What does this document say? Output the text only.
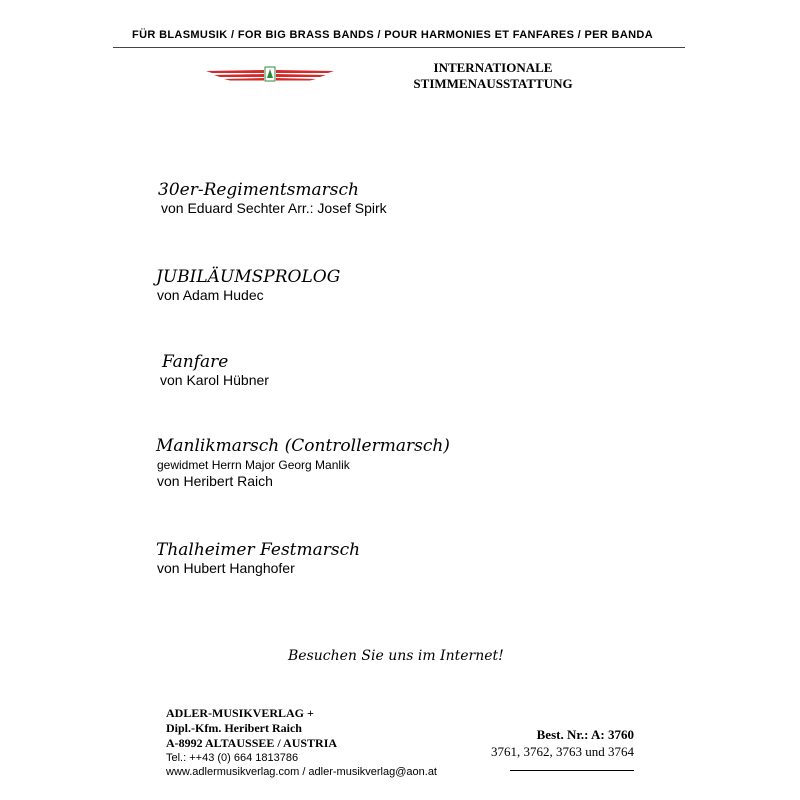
FÜR BLASMUSIK / FOR BIG BRASS BANDS / POUR HARMONIES ET FANFARES / PER BANDA
INTERNATIONALE
STIMMENAUSSTATTUNG
30er-Regimentsmarsch
von Eduard Sechter Arr.: Josef Spirk
JUBILÄUMSPROLOG
von Adam Hudec
Fanfare
von Karol Hübner
Manlikmarsch (Controllermarsch)
gewidmet Herrn Major Georg Manlik
von Heribert Raich
Thalheimer Festmarsch
von Hubert Hanghofer
Besuchen Sie uns im Internet!
ADLER-MUSIKVERLAG +
Dipl.-Kfm. Heribert Raich
A-8992 ALTAUSSEE / AUSTRIA
Tel.: ++43 (0) 664 1813786
www.adlermusikverlag.com / adler-musikverlag@aon.at
Best. Nr.: A: 3760
3761, 3762, 3763 und 3764
